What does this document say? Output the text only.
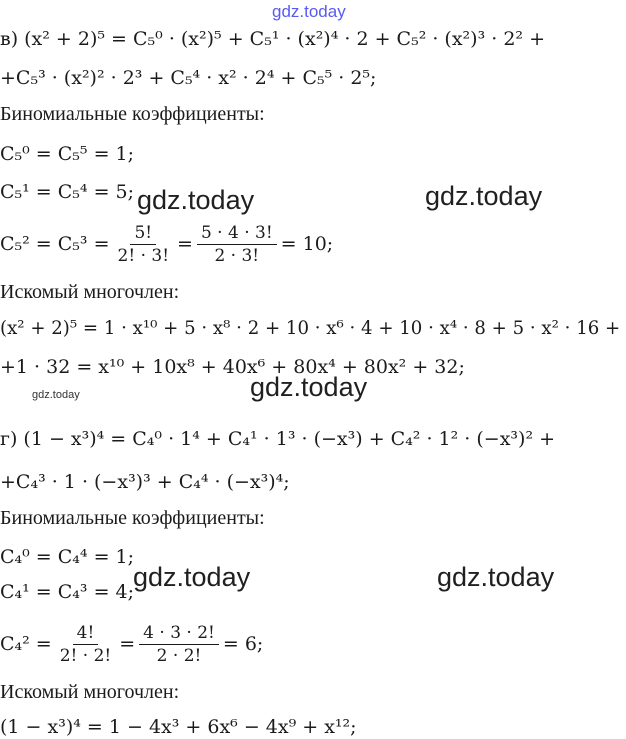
в) (x² + 2)⁵ = C₅⁰ · (x²)⁵ + C₅¹ · (x²)⁴ · 2 + C₅² · (x²)³ · 2² +
+C₅³ · (x²)² · 2³ + C₅⁴ · x² · 2⁴ + C₅⁵ · 2⁵;
Биномиальные коэффициенты:
C₅⁰ = C₅⁵ = 1;
C₅¹ = C₅⁴ = 5;
$C_5^2 = C_5^3 = \frac{5!}{2! \cdot 3!} = \frac{5 \cdot 4 \cdot 3!}{2 \cdot 3!} = 10$;
Искомый многочлен:
(x² + 2)⁵ = 1 · x¹⁰ + 5 · x⁸ · 2 + 10 · x⁶ · 4 + 10 · x⁴ · 8 + 5 · x² · 16 +
+1 · 32 = x¹⁰ + 10x⁸ + 40x⁶ + 80x⁴ + 80x² + 32;
г) (1 − x³)⁴ = C₄⁰ · 1⁴ + C₄¹ · 1³ · (−x³) + C₄² · 1² · (−x³)² +
+C₄³ · 1 · (−x³)³ + C₄⁴ · (−x³)⁴;
Биномиальные коэффициенты:
C₄⁰ = C₄⁴ = 1;
C₄¹ = C₄³ = 4;
$C_4^2 = \frac{4!}{2! \cdot 2!} = \frac{4 \cdot 3 \cdot 2!}{2 \cdot 2!} = 6$;
Искомый многочлен:
(1 − x³)⁴ = 1 − 4x³ + 6x⁶ − 4x⁹ + x¹²;
gdz.today
gdz.today	gdz.today
gdz.today
gdz.today
gdz.today	gdz.today
